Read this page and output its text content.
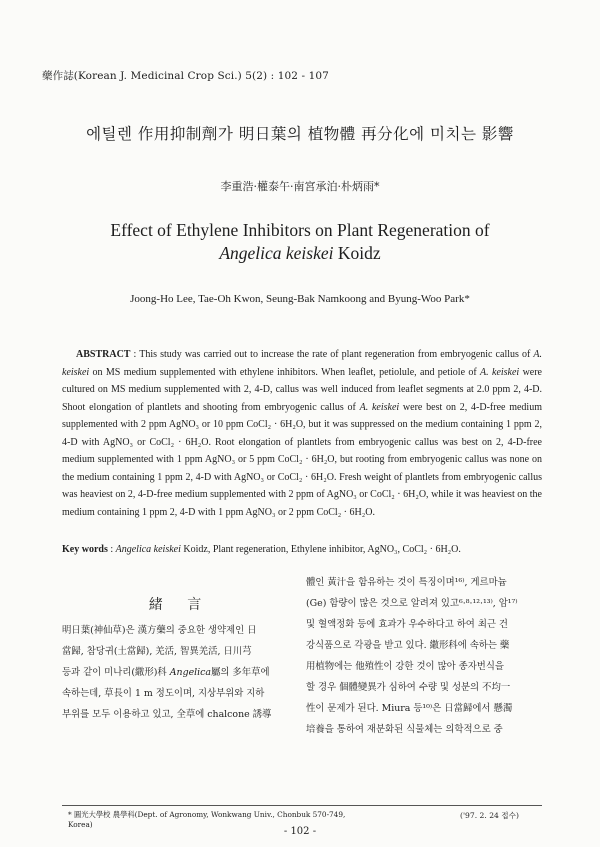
藥作誌(Korean J. Medicinal Crop Sci.) 5(2) : 102 - 107
에틸렌 作用抑制劑가 明日葉의 植物體 再分化에 미치는 影響
李重浩·權泰午·南宮承泊·朴炳雨*
Effect of Ethylene Inhibitors on Plant Regeneration of
Angelica keiskei Koidz
Joong-Ho Lee, Tae-Oh Kwon, Seung-Bak Namkoong and Byung-Woo Park*
ABSTRACT : This study was carried out to increase the rate of plant regeneration from embryogenic callus of A. keiskei on MS medium supplemented with ethylene inhibitors. When leaflet, petiolule, and petiole of A. keiskei were cultured on MS medium supplemented with 2, 4-D, callus was well induced from leaflet segments at 2.0 ppm 2, 4-D. Shoot elongation of plantlets and shooting from embryogenic callus of A. keiskei were best on 2, 4-D-free medium supplemented with 2 ppm AgNO₃ or 10 ppm CoCl₂ · 6H₂O, but it was suppressed on the medium containing 1 ppm 2, 4-D with AgNO₃ or CoCl₂ · 6H₂O. Root elongation of plantlets from embryogenic callus was best on 2, 4-D-free medium supplemented with 1 ppm AgNO₃ or 5 ppm CoCl₂ · 6H₂O, but rooting from embryogenic callus was none on the medium containing 1 ppm 2, 4-D with AgNO₃ or CoCl₂ · 6H₂O. Fresh weight of plantlets from embryogenic callus was heaviest on 2, 4-D-free medium supplemented with 2 ppm of AgNO₃ or CoCl₂ · 6H₂O, while it was heaviest on the medium containing 1 ppm 2, 4-D with 1 ppm AgNO₃ or 2 ppm CoCl₂ · 6H₂O.
Key words : Angelica keiskei Koidz, Plant regeneration, Ethylene inhibitor, AgNO₃, CoCl₂ · 6H₂O.
緒 言
明日葉(神仙草)은 漢方藥의 중요한 생약제인 日
當歸, 참당귀(土當歸), 羌活, 智異羌活, 日川芎
등과 같이 미나리(繖形)科 Angelica屬의 多年草에
속하는데, 草長이 1 m 정도이며, 지상부위와 지하
부위를 모두 이용하고 있고, 全草에 chalcone 誘導
體인 黃汁을 함유하는 것이 특징이며¹⁶⁾, 게르마늄
(Ge) 함량이 많은 것으로 알려져 있고⁶·⁸·¹²·¹³⁾, 암¹⁷⁾
및 혈액정화 등에 효과가 우수하다고 하여 최근 건
강식품으로 각광을 받고 있다. 繖形科에 속하는 藥
用植物에는 他殖性이 강한 것이 많아 종자번식을
할 경우 個體變異가 심하여 수량 및 성분의 不均一
性이 문제가 된다. Miura 등¹⁰⁾은 日當歸에서 懸濁
培養을 통하여 재분화된 식물체는 의학적으로 중
* 圓光大學校 農學科(Dept. of Agronomy, Wonkwang Univ., Chonbuk 570-749, Korea)
('97. 2. 24 접수)
- 102 -
